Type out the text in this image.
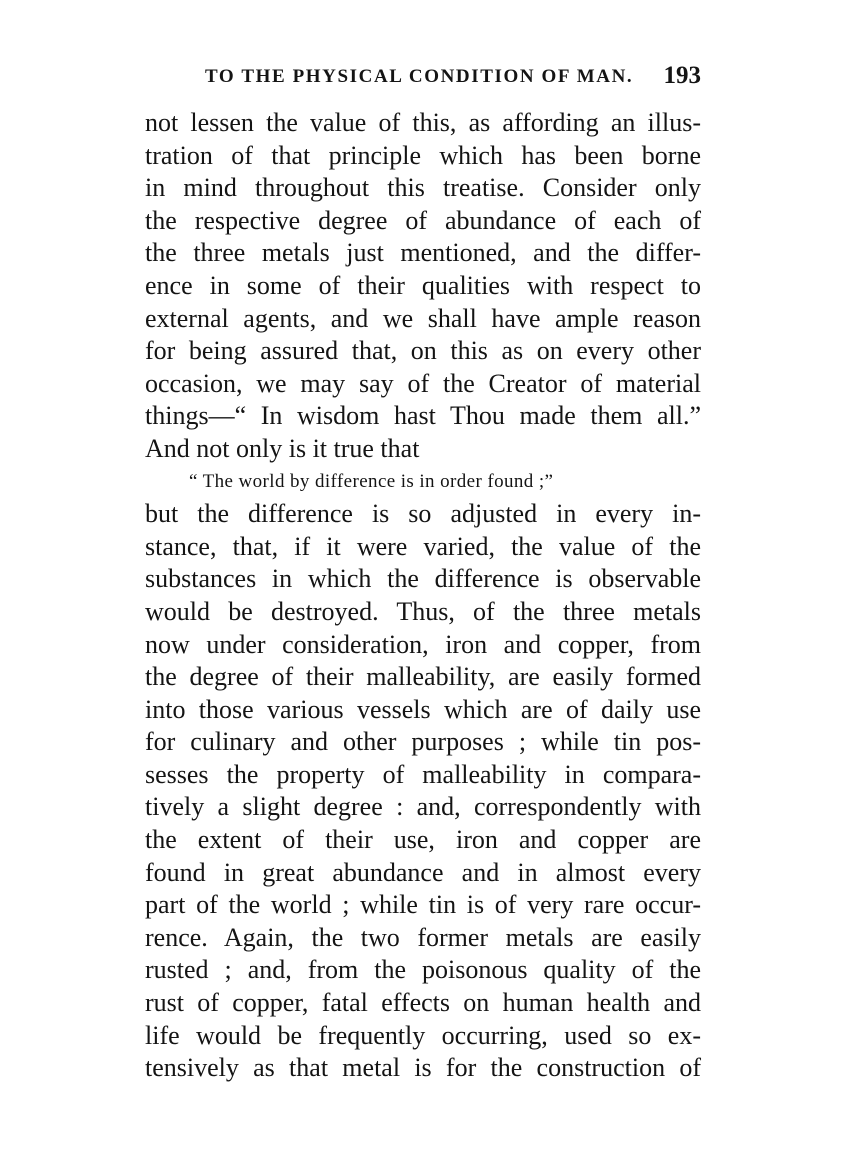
TO THE PHYSICAL CONDITION OF MAN. 193
not lessen the value of this, as affording an illus-
tration of that principle which has been borne
in mind throughout this treatise. Consider only
the respective degree of abundance of each of
the three metals just mentioned, and the differ-
ence in some of their qualities with respect to
external agents, and we shall have ample reason
for being assured that, on this as on every other
occasion, we may say of the Creator of material
things—“ In wisdom hast Thou made them all.”
And not only is it true that
“ The world by difference is in order found ;”
but the difference is so adjusted in every in-
stance, that, if it were varied, the value of the
substances in which the difference is observable
would be destroyed. Thus, of the three metals
now under consideration, iron and copper, from
the degree of their malleability, are easily formed
into those various vessels which are of daily use
for culinary and other purposes ; while tin pos-
sesses the property of malleability in compara-
tively a slight degree : and, correspondently with
the extent of their use, iron and copper are
found in great abundance and in almost every
part of the world ; while tin is of very rare occur-
rence. Again, the two former metals are easily
rusted ; and, from the poisonous quality of the
rust of copper, fatal effects on human health and
life would be frequently occurring, used so ex-
tensively as that metal is for the construction of
